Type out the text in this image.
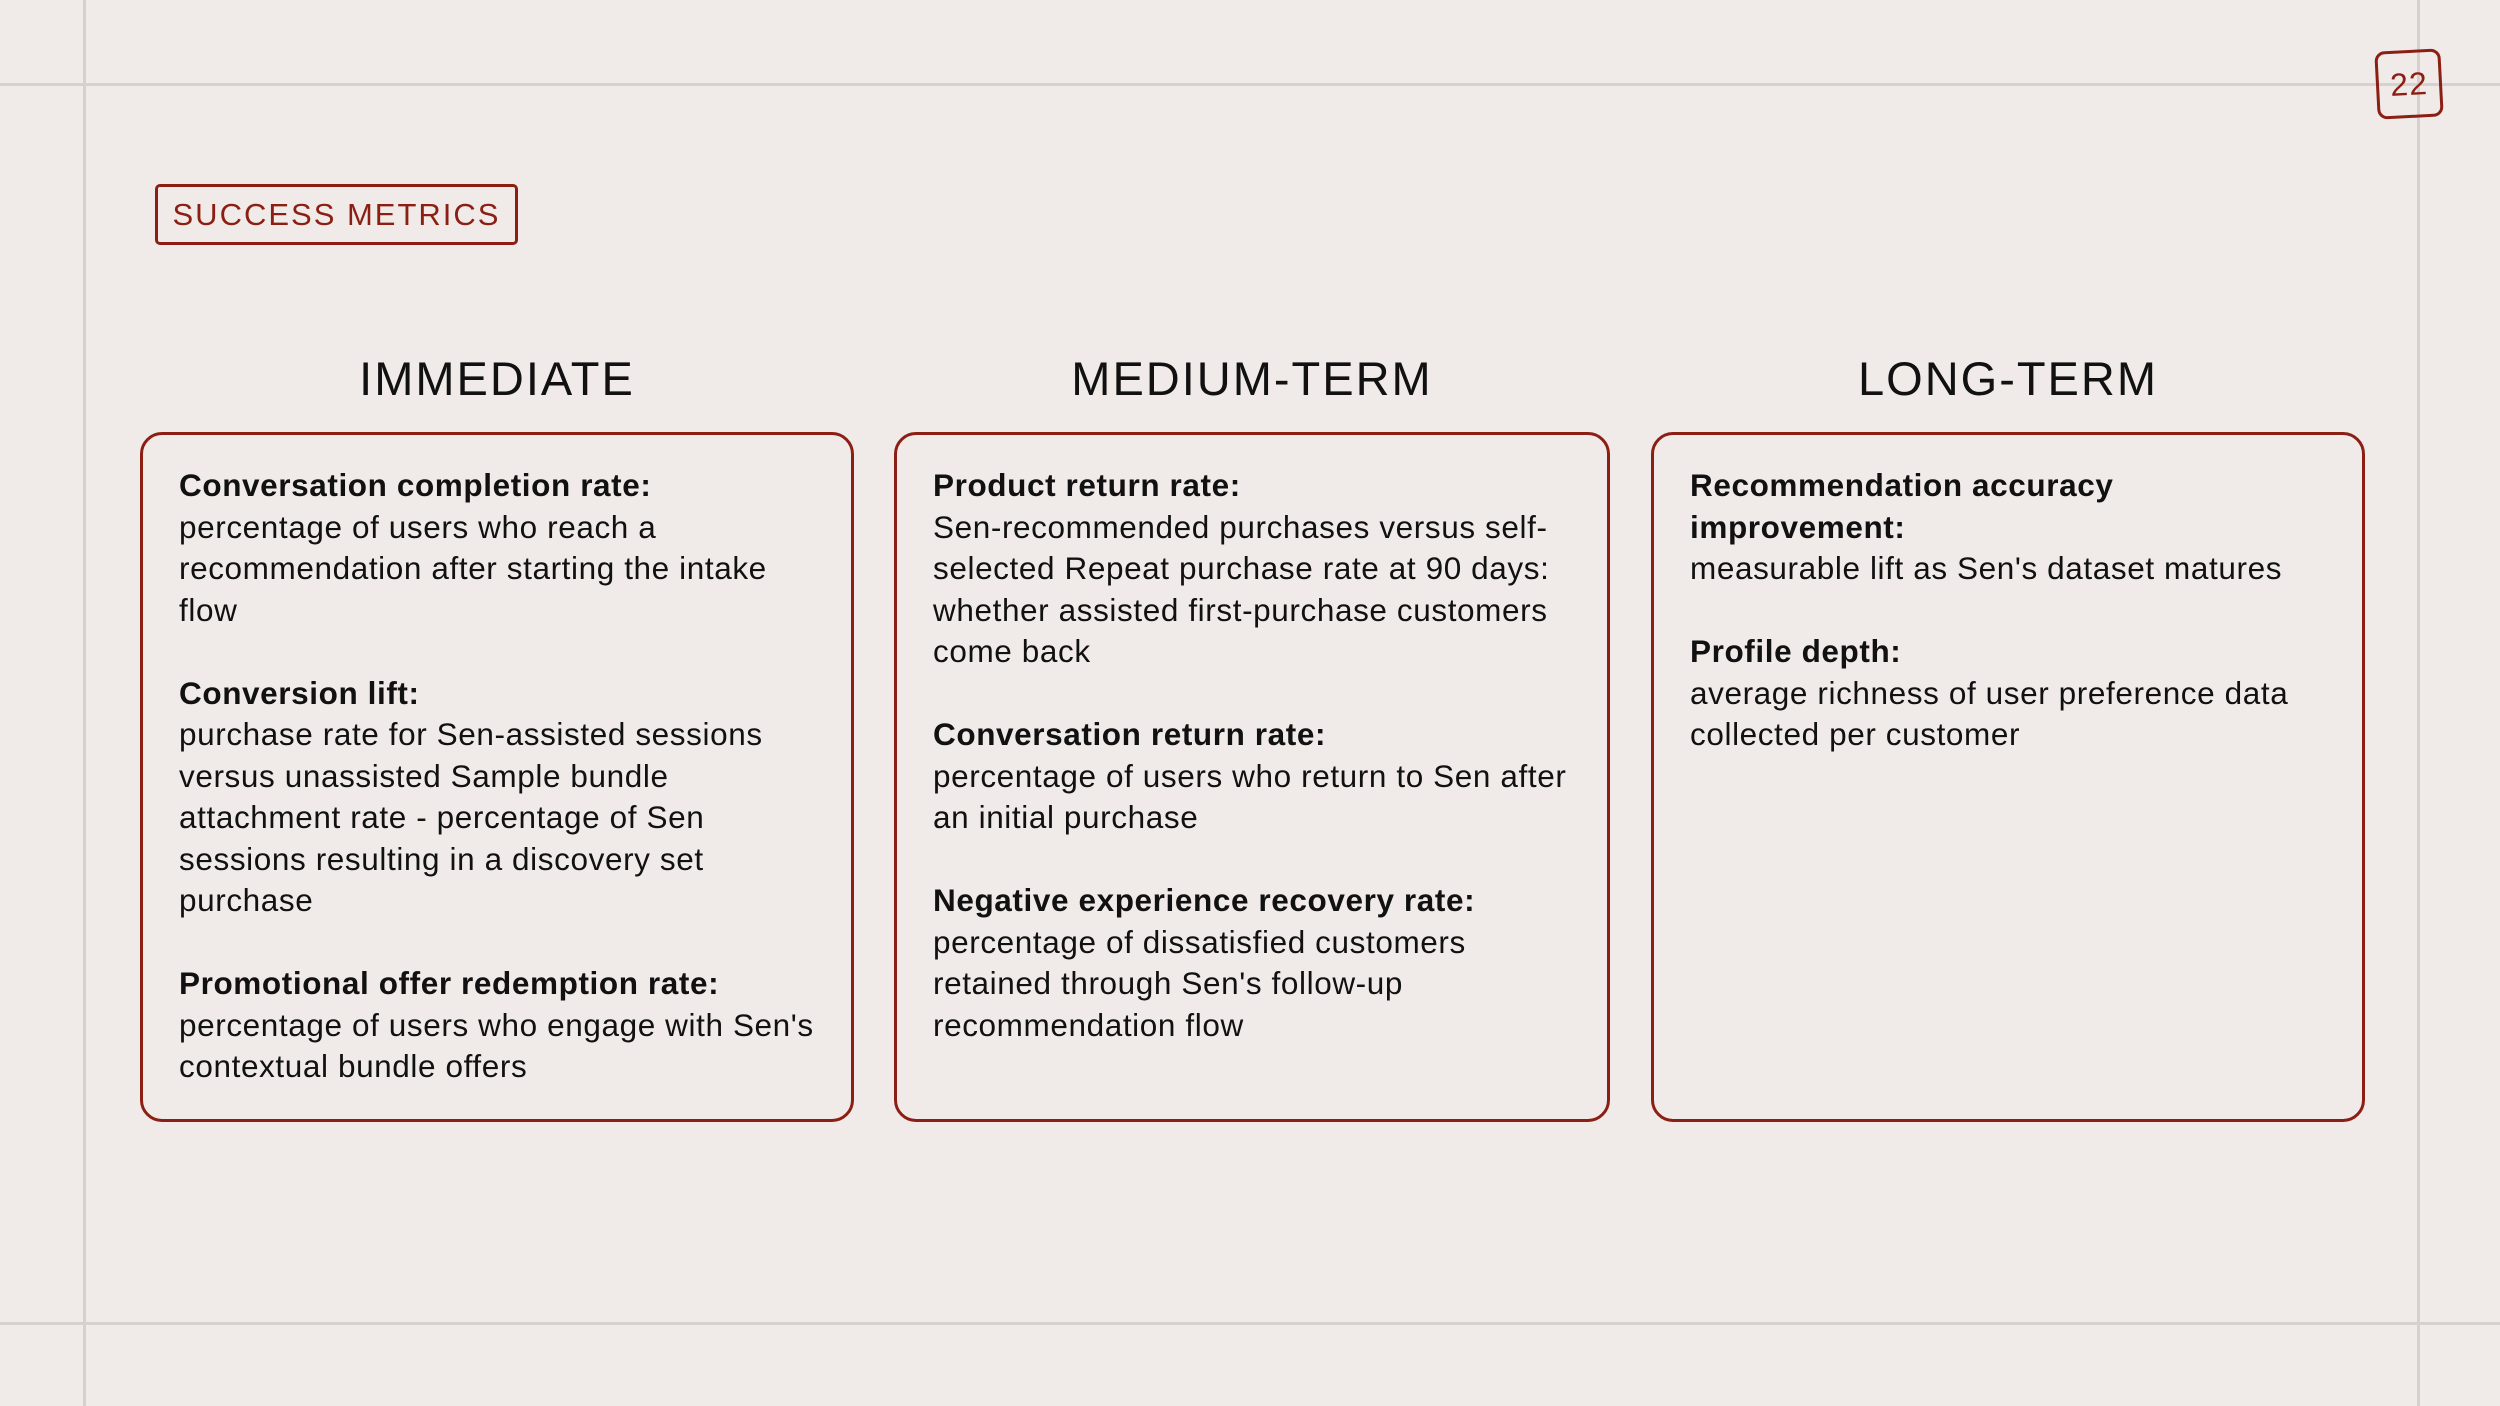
22
SUCCESS METRICS
IMMEDIATE

Conversation completion rate:
percentage of users who reach a recommendation after starting the intake flow

Conversion lift:
purchase rate for Sen-assisted sessions versus unassisted Sample bundle attachment rate - percentage of Sen sessions resulting in a discovery set purchase

Promotional offer redemption rate:
percentage of users who engage with Sen's contextual bundle offers

MEDIUM-TERM

Product return rate:
Sen-recommended purchases versus self-selected Repeat purchase rate at 90 days: whether assisted first-purchase customers come back

Conversation return rate:
percentage of users who return to Sen after an initial purchase

Negative experience recovery rate:
percentage of dissatisfied customers retained through Sen's follow-up recommendation flow

LONG-TERM

Recommendation accuracy improvement:
measurable lift as Sen's dataset matures

Profile depth:
average richness of user preference data collected per customer
